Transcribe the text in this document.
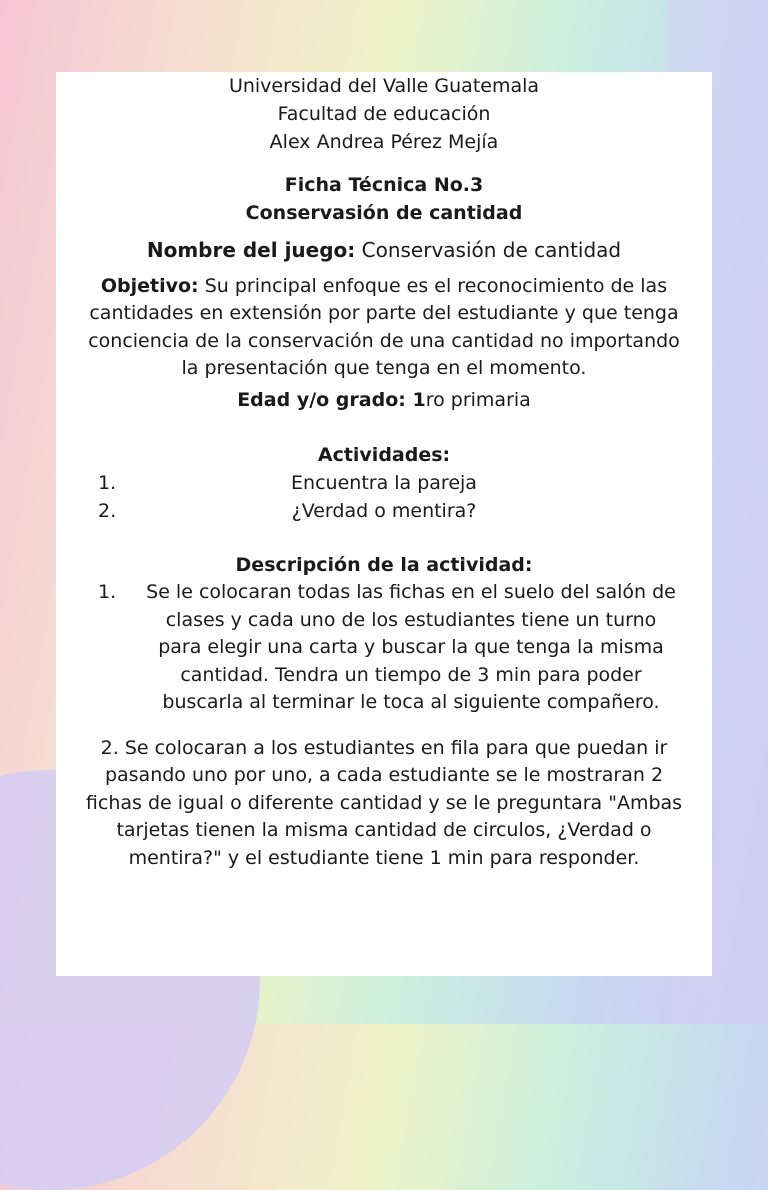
Universidad del Valle Guatemala
Facultad de educación
Alex Andrea Pérez Mejía
Ficha Técnica No.3
Conservasión de cantidad
Nombre del juego: Conservasión de cantidad
Objetivo: Su principal enfoque es el reconocimiento de las cantidades en extensión por parte del estudiante y que tenga conciencia de la conservación de una cantidad no importando la presentación que tenga en el momento.
Edad y/o grado: 1ro primaria
Actividades:
1.	Encuentra la pareja
2.	¿Verdad o mentira?
Descripción de la actividad:
1. Se le colocaran todas las fichas en el suelo del salón de clases y cada uno de los estudiantes tiene un turno para elegir una carta y buscar la que tenga la misma cantidad. Tendra un tiempo de 3 min para poder buscarla al terminar le toca al siguiente compañero.
2. Se colocaran a los estudiantes en fila para que puedan ir pasando uno por uno, a cada estudiante se le mostraran 2 fichas de igual o diferente cantidad y se le preguntara "Ambas tarjetas tienen la misma cantidad de circulos, ¿Verdad o mentira?" y el estudiante tiene 1 min para responder.
